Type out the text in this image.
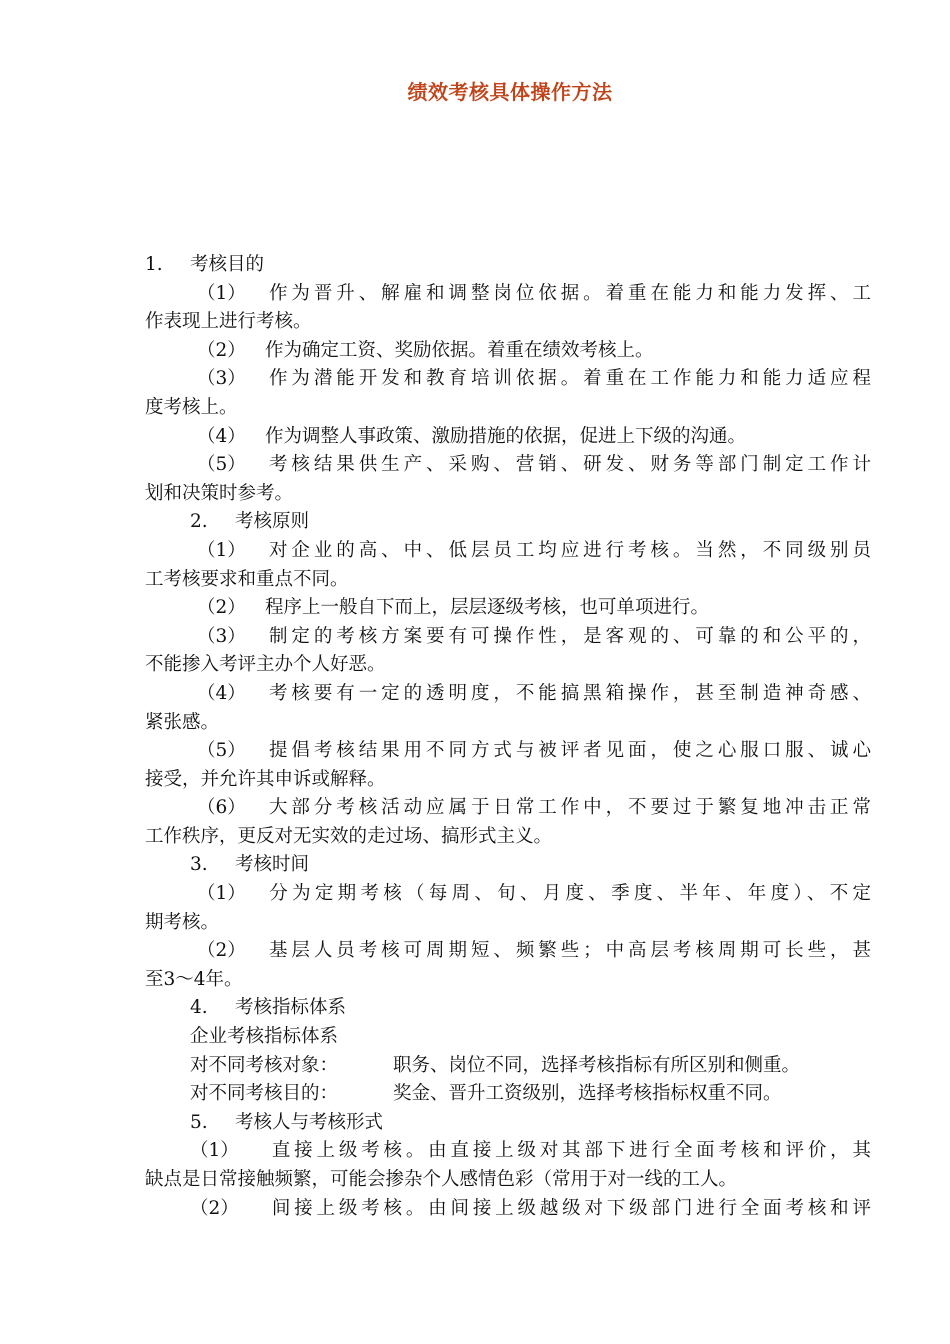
绩效考核具体操作方法
1. 考核目的
（1） 作为晋升、解雇和调整岗位依据。着重在能力和能力发挥、工
作表现上进行考核。
（2） 作为确定工资、奖励依据。着重在绩效考核上。
（3） 作为潜能开发和教育培训依据。着重在工作能力和能力适应程
度考核上。
（4） 作为调整人事政策、激励措施的依据，促进上下级的沟通。
（5） 考核结果供生产、采购、营销、研发、财务等部门制定工作计
划和决策时参考。
2. 考核原则
（1） 对企业的高、中、低层员工均应进行考核。当然，不同级别员
工考核要求和重点不同。
（2） 程序上一般自下而上，层层逐级考核，也可单项进行。
（3） 制定的考核方案要有可操作性，是客观的、可靠的和公平的，
不能掺入考评主办个人好恶。
（4） 考核要有一定的透明度，不能搞黑箱操作，甚至制造神奇感、
紧张感。
（5） 提倡考核结果用不同方式与被评者见面，使之心服口服、诚心
接受，并允许其申诉或解释。
（6） 大部分考核活动应属于日常工作中，不要过于繁复地冲击正常
工作秩序，更反对无实效的走过场、搞形式主义。
3. 考核时间
（1） 分为定期考核（每周、旬、月度、季度、半年、年度）、不定
期考核。
（2） 基层人员考核可周期短、频繁些；中高层考核周期可长些，甚
至3～4年。
4. 考核指标体系
企业考核指标体系
对不同考核对象：	职务、岗位不同，选择考核指标有所区别和侧重。
对不同考核目的：	奖金、晋升工资级别，选择考核指标权重不同。
5. 考核人与考核形式
（1） 直接上级考核。由直接上级对其部下进行全面考核和评价，其
缺点是日常接触频繁，可能会掺杂个人感情色彩（常用于对一线的工人。
（2） 间接上级考核。由间接上级越级对下级部门进行全面考核和评
